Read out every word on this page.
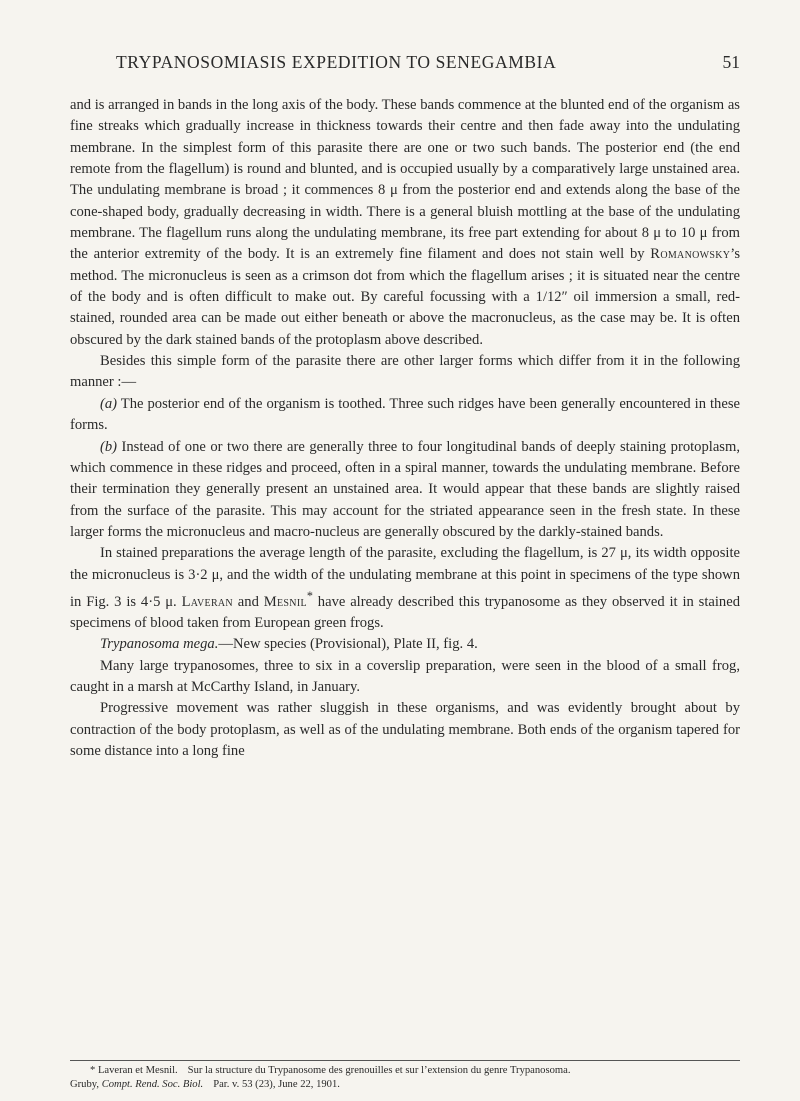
TRYPANOSOMIASIS EXPEDITION TO SENEGAMBIA	51

and is arranged in bands in the long axis of the body. These bands commence at the blunted end of the organism as fine streaks which gradually increase in thickness towards their centre and then fade away into the undulating membrane. In the simplest form of this parasite there are one or two such bands. The posterior end (the end remote from the flagellum) is round and blunted, and is occupied usually by a comparatively large unstained area. The undulating membrane is broad ; it commences 8 μ from the posterior end and extends along the base of the cone-shaped body, gradually decreasing in width. There is a general bluish mottling at the base of the undulating membrane. The flagellum runs along the undulating membrane, its free part extending for about 8 μ to 10 μ from the anterior extremity of the body. It is an extremely fine filament and does not stain well by Romanowsky’s method. The micronucleus is seen as a crimson dot from which the flagellum arises ; it is situated near the centre of the body and is often difficult to make out. By careful focussing with a 1/12″ oil immersion a small, red-stained, rounded area can be made out either beneath or above the macronucleus, as the case may be. It is often obscured by the dark stained bands of the protoplasm above described.

Besides this simple form of the parasite there are other larger forms which differ from it in the following manner :—

(a) The posterior end of the organism is toothed. Three such ridges have been generally encountered in these forms.

(b) Instead of one or two there are generally three to four longitudinal bands of deeply staining protoplasm, which commence in these ridges and proceed, often in a spiral manner, towards the undulating membrane. Before their termination they generally present an unstained area. It would appear that these bands are slightly raised from the surface of the parasite. This may account for the striated appearance seen in the fresh state. In these larger forms the micronucleus and macro-nucleus are generally obscured by the darkly-stained bands.

In stained preparations the average length of the parasite, excluding the flagellum, is 27 μ, its width opposite the micronucleus is 3·2 μ, and the width of the undulating membrane at this point in specimens of the type shown in Fig. 3 is 4·5 μ. Laveran and Mesnil* have already described this trypanosome as they observed it in stained specimens of blood taken from European green frogs.

Trypanosoma mega.—New species (Provisional), Plate II, fig. 4.

Many large trypanosomes, three to six in a coverslip preparation, were seen in the blood of a small frog, caught in a marsh at McCarthy Island, in January.

Progressive movement was rather sluggish in these organisms, and was evidently brought about by contraction of the body protoplasm, as well as of the undulating membrane. Both ends of the organism tapered for some distance into a long fine

* Laveran et Mesnil. Sur la structure du Trypanosome des grenouilles et sur l’extension du genre Trypanosoma.

Gruby, Compt. Rend. Soc. Biol. Par. v. 53 (23), June 22, 1901.
